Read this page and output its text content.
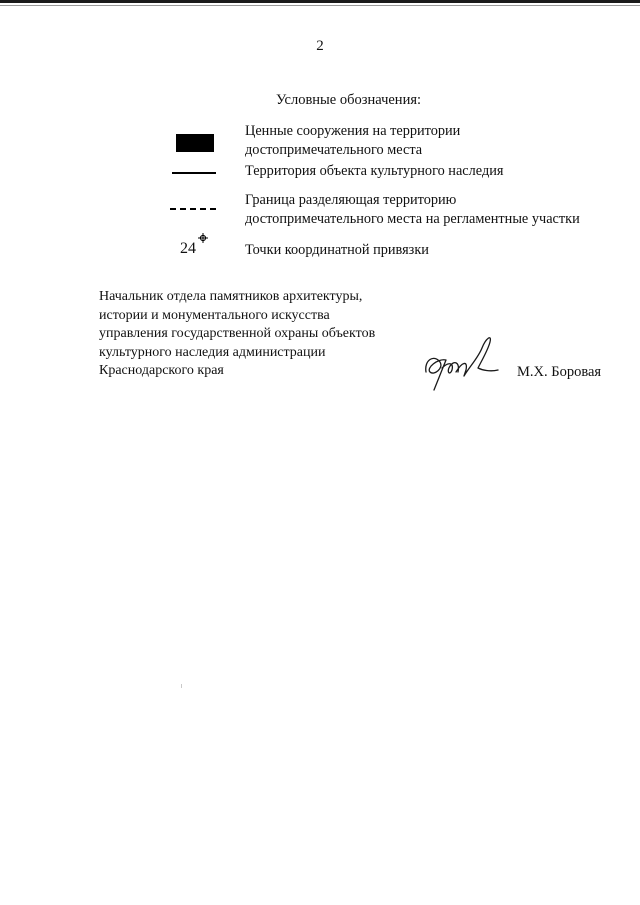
2
Условные обозначения:
Ценные сооружения на территории
достопримечательного места
Территория объекта культурного наследия
Граница разделяющая территорию
достопримечательного места на регламентные участки
24	Точки координатной привязки
Начальник отдела памятников архитектуры,
истории и монументального искусства
управления государственной охраны объектов
культурного наследия администрации
Краснодарского края	М.Х. Боровая
